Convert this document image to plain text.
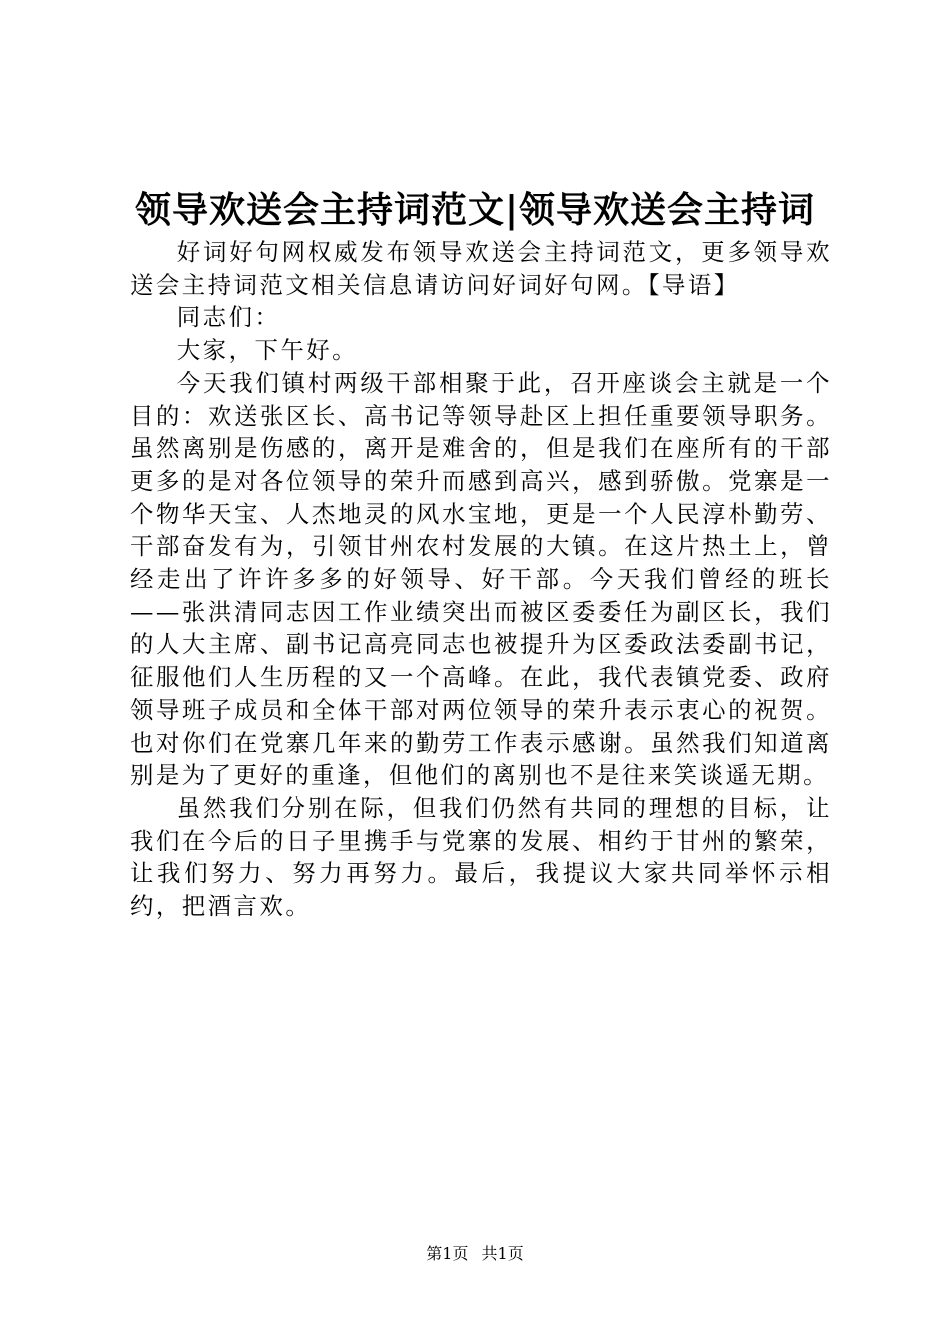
领导欢送会主持词范文|领导欢送会主持词

好词好句网权威发布领导欢送会主持词范文，更多领导欢送会主持词范文相关信息请访问好词好句网。【导语】

同志们：

大家，下午好。

今天我们镇村两级干部相聚于此，召开座谈会主就是一个目的：欢送张区长、高书记等领导赴区上担任重要领导职务。虽然离别是伤感的，离开是难舍的，但是我们在座所有的干部更多的是对各位领导的荣升而感到高兴，感到骄傲。党寨是一个物华天宝、人杰地灵的风水宝地，更是一个人民淳朴勤劳、干部奋发有为，引领甘州农村发展的大镇。在这片热土上，曾经走出了许许多多的好领导、好干部。今天我们曾经的班长——张洪清同志因工作业绩突出而被区委委任为副区长，我们的人大主席、副书记高亮同志也被提升为区委政法委副书记，征服他们人生历程的又一个高峰。在此，我代表镇党委、政府领导班子成员和全体干部对两位领导的荣升表示衷心的祝贺。也对你们在党寨几年来的勤劳工作表示感谢。虽然我们知道离别是为了更好的重逢，但他们的离别也不是往来笑谈遥无期。

虽然我们分别在际，但我们仍然有共同的理想的目标，让我们在今后的日子里携手与党寨的发展、相约于甘州的繁荣，让我们努力、努力再努力。最后，我提议大家共同举怀示相约，把酒言欢。

第1页 共1页
